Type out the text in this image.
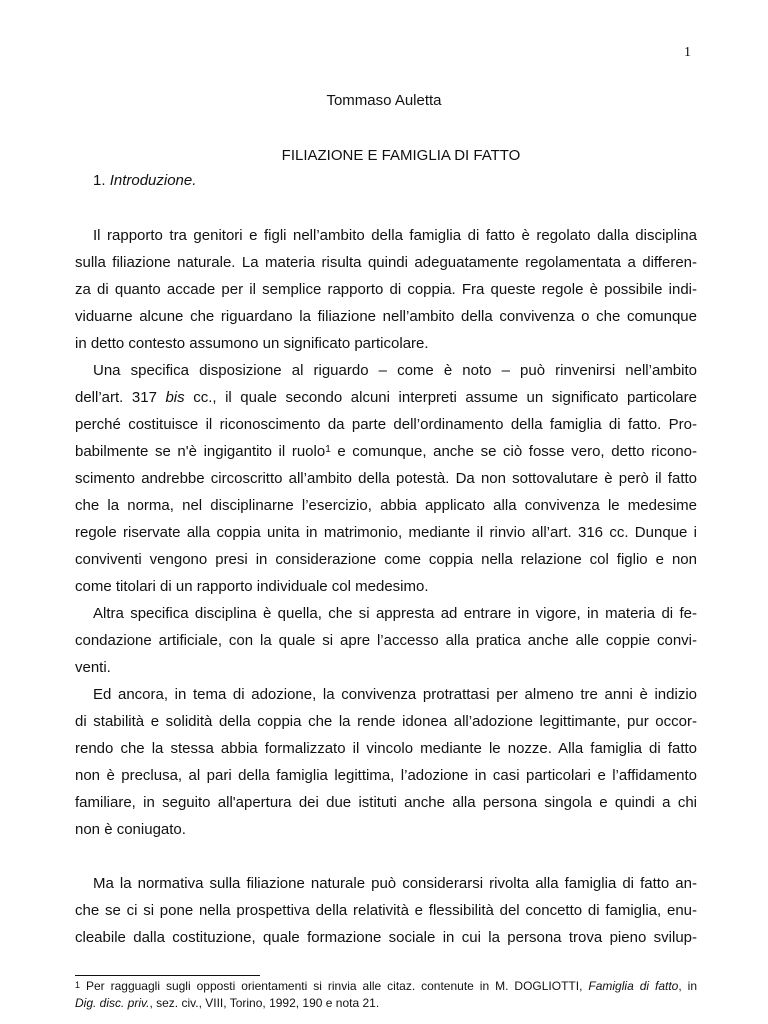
1
Tommaso Auletta
FILIAZIONE E FAMIGLIA DI FATTO
1. Introduzione.
Il rapporto tra genitori e figli nell’ambito della famiglia di fatto è regolato dalla disciplina
sulla filiazione naturale. La materia risulta quindi adeguatamente regolamentata a differen-
za di quanto accade per il semplice rapporto di coppia. Fra queste regole è possibile indi-
viduarne alcune che riguardano la filiazione nell’ambito della convivenza o che comunque
in detto contesto assumono un significato particolare.
Una specifica disposizione al riguardo – come è noto – può rinvenirsi nell’ambito
dell’art. 317 bis cc., il quale secondo alcuni interpreti assume un significato particolare
perché costituisce il riconoscimento da parte dell’ordinamento della famiglia di fatto. Pro-
babilmente se n'è ingigantito il ruolo$^1$ e comunque, anche se ciò fosse vero, detto ricono-
scimento andrebbe circoscritto all’ambito della potestà. Da non sottovalutare è però il fatto
che la norma, nel disciplinarne l’esercizio, abbia applicato alla convivenza le medesime
regole riservate alla coppia unita in matrimonio, mediante il rinvio all’art. 316 cc. Dunque i
conviventi vengono presi in considerazione come coppia nella relazione col figlio e non
come titolari di un rapporto individuale col medesimo.
Altra specifica disciplina è quella, che si appresta ad entrare in vigore, in materia di fe-
condazione artificiale, con la quale si apre l’accesso alla pratica anche alle coppie convi-
venti.
Ed ancora, in tema di adozione, la convivenza protrattasi per almeno tre anni è indizio
di stabilità e solidità della coppia che la rende idonea all’adozione legittimante, pur occor-
rendo che la stessa abbia formalizzato il vincolo mediante le nozze. Alla famiglia di fatto
non è preclusa, al pari della famiglia legittima, l’adozione in casi particolari e l’affidamento
familiare, in seguito all'apertura dei due istituti anche alla persona singola e quindi a chi
non è coniugato.
Ma la normativa sulla filiazione naturale può considerarsi rivolta alla famiglia di fatto an-
che se ci si pone nella prospettiva della relatività e flessibilità del concetto di famiglia, enu-
cleabile dalla costituzione, quale formazione sociale in cui la persona trova pieno svilup-
$^1$ Per ragguagli sugli opposti orientamenti si rinvia alle citaz. contenute in M. DOGLIOTTI, Famiglia di fatto, in
Dig. disc. priv., sez. civ., VIII, Torino, 1992, 190 e nota 21.
